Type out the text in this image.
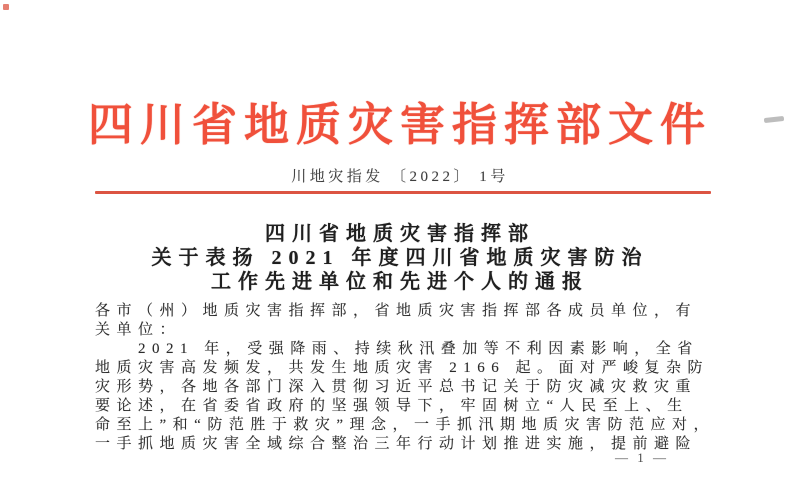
四川省地质灾害指挥部文件
川地灾指发 〔2022〕 1号
四川省地质灾害指挥部
关于表扬 2021 年度四川省地质灾害防治
工作先进单位和先进个人的通报
各市（州）地质灾害指挥部，省地质灾害指挥部各成员单位，有
关单位：
　　2021 年，受强降雨、持续秋汛叠加等不利因素影响，全省
地质灾害高发频发，共发生地质灾害 2166 起。面对严峻复杂防
灾形势，各地各部门深入贯彻习近平总书记关于防灾减灾救灾重
要论述，在省委省政府的坚强领导下，牢固树立“人民至上、生
命至上”和“防范胜于救灾”理念，一手抓汛期地质灾害防范应对，
一手抓地质灾害全域综合整治三年行动计划推进实施，提前避险
— 1 —
